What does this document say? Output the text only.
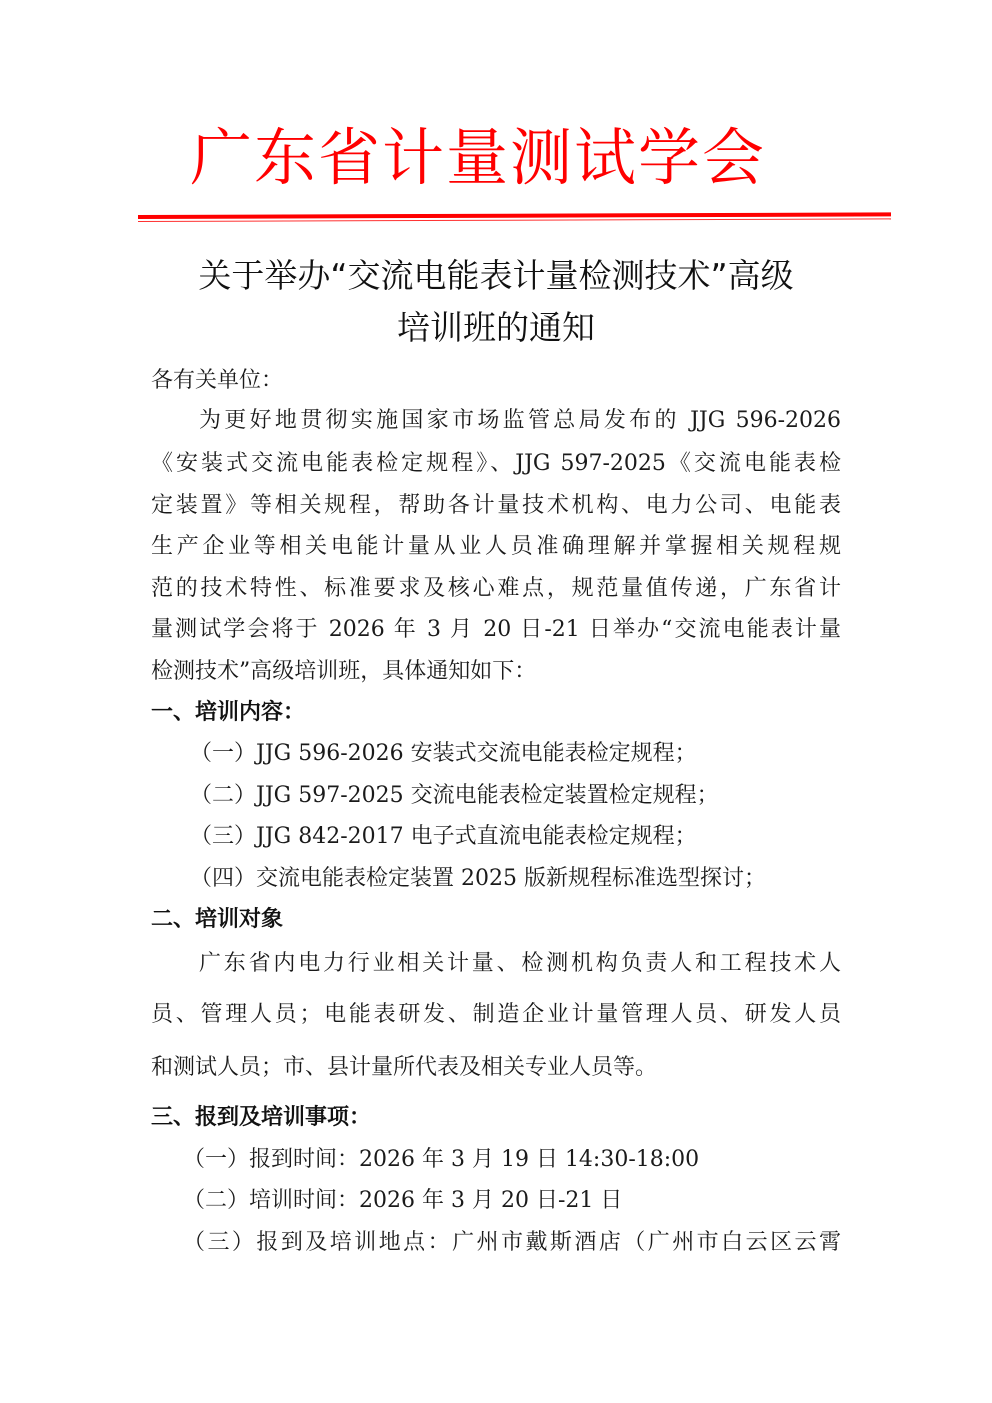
广东省计量测试学会
关于举办“交流电能表计量检测技术”高级
培训班的通知
各有关单位：
为更好地贯彻实施国家市场监管总局发布的 JJG 596-2026
《安装式交流电能表检定规程》、JJG 597-2025《交流电能表检
定装置》等相关规程，帮助各计量技术机构、电力公司、电能表
生产企业等相关电能计量从业人员准确理解并掌握相关规程规
范的技术特性、标准要求及核心难点，规范量值传递，广东省计
量测试学会将于 2026 年 3 月 20 日-21 日举办“交流电能表计量
检测技术”高级培训班，具体通知如下：
一、培训内容：
（一）JJG 596-2026 安装式交流电能表检定规程；
（二）JJG 597-2025 交流电能表检定装置检定规程；
（三）JJG 842-2017 电子式直流电能表检定规程；
（四）交流电能表检定装置 2025 版新规程标准选型探讨；
二、培训对象
广东省内电力行业相关计量、检测机构负责人和工程技术人
员、管理人员；电能表研发、制造企业计量管理人员、研发人员
和测试人员；市、县计量所代表及相关专业人员等。
三、报到及培训事项：
（一）报到时间：2026 年 3 月 19 日 14:30-18:00
（二）培训时间：2026 年 3 月 20 日-21 日
（三）报到及培训地点：广州市戴斯酒店（广州市白云区云霄
